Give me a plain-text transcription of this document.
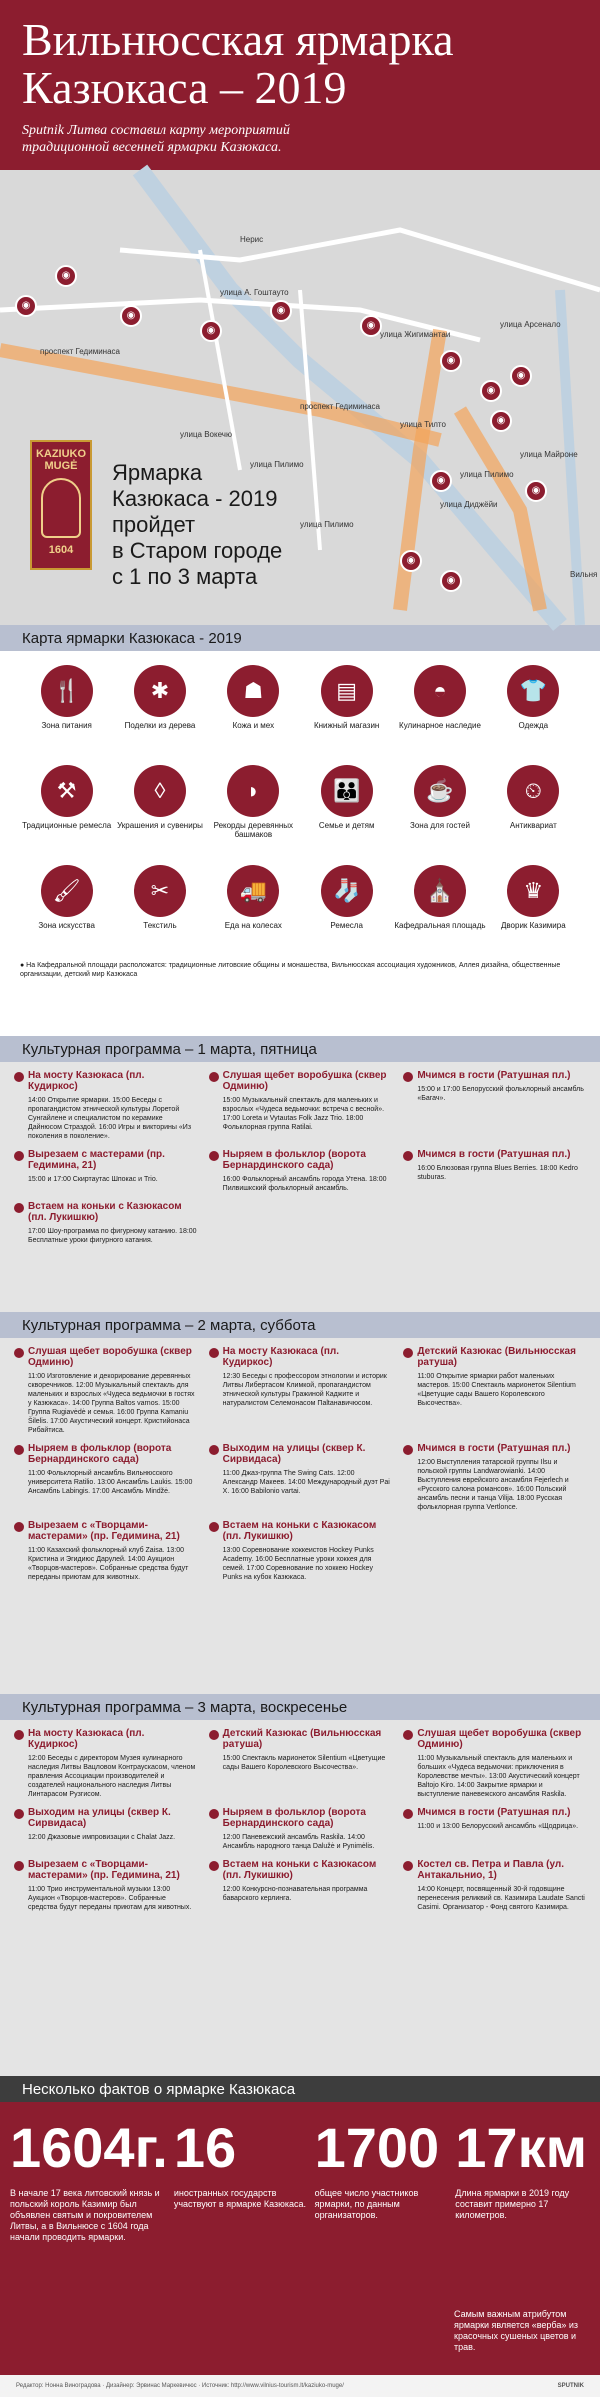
Вильнюсская ярмарка
Казюкаса – 2019
Sputnik Литва составил карту мероприятий
традиционной весенней ярмарки Казюкаса.
проспект Гедиминаса
проспект Гедиминаса
улица А. Гоштауто
улица Жигимантаи
улица Тилто
улица Пилимо
улица Вокечю
улица Диджёйи
улица Пилимо
улица Пилимо
улица Майроне
Вильня
Нерис
улица Арсенало
◉
◉
◉
◉
◉
◉
◉
◉
◉
◉
◉
◉
◉
◉
KAZIUKO
MUGĖ
1604
Ярмарка
Казюкаса - 2019
пройдет
в Старом городе
с 1 по 3 марта
Карта ярмарки Казюкаса - 2019
🍴
Зона питания
✱
Поделки из дерева
☗
Кожа и мех
▤
Книжный магазин
◓
Кулинарное наследие
👕
Одежда
⚒
Традиционные ремесла
◊
Украшения и сувениры
◗
Рекорды деревянных башмаков
👪
Семье и детям
☕
Зона для гостей
⏲
Антиквариат
🖌
Зона искусства
✂
Текстиль
🚚
Еда на колесах
🧦
Ремесла
⛪
Кафедральная площадь
♛
Дворик Казимира
● На Кафедральной площади расположатся: традиционные литовские общины и монашества, Вильнюсская ассоциация художников, Аллея дизайна, общественные организации, детский мир Казюкаса
Культурная программа – 1 марта, пятница
На мосту Казюкаса (пл. Кудиркос)
14:00 Открытие ярмарки. 15:00 Беседы с пропагандистом этнической культуры Лоретой Сунгайлене и специалистом по керамике Дайнюсом Страздой. 16:00 Игры и викторины «Из поколения в поколение».
Слушая щебет воробушка (сквер Одминю)
15:00 Музыкальный спектакль для маленьких и взрослых «Чудеса ведьмочки: встреча с весной». 17:00 Loreta и Vytautas Folk Jazz Trio. 18:00 Фольклорная группа Ratilai.
Мчимся в гости (Ратушная пл.)
15:00 и 17:00 Белорусский фольклорный ансамбль «Багач».
Вырезаем с мастерами (пр. Гедимина, 21)
15:00 и 17:00 Скиртаутас Шпокас и Trio.
Ныряем в фольклор (ворота Бернардинского сада)
16:00 Фольклорный ансамбль города Утена. 18:00 Пилвишкский фольклорный ансамбль.
Мчимся в гости (Ратушная пл.)
16:00 Блюзовая группа Blues Berries. 18:00 Kedro stuburas.
Встаем на коньки с Казюкасом (пл. Лукишкю)
17:00 Шоу-программа по фигурному катанию. 18:00 Бесплатные уроки фигурного катания.
Культурная программа – 2 марта, суббота
Слушая щебет воробушка (сквер Одминю)
11:00 Изготовление и декорирование деревянных скворечников. 12:00 Музыкальный спектакль для маленьких и взрослых «Чудеса ведьмочки в гостях у Казюкаса». 14:00 Группа Baltos varnos. 15:00 Группа Rugiavėdė и семья. 16:00 Группа Kamaniu Šilelis. 17:00 Акустический концерт. Кристийонаса Рибайтиса.
На мосту Казюкаса (пл. Кудиркос)
12:30 Беседы с профессором этнологии и историк Литвы Либертасом Климкой, пропагандистом этнической культуры Гражиной Каджите и натуралистом Селемонасом Паltанавичюсом.
Детский Казюкас (Вильнюсская ратуша)
11:00 Открытие ярмарки работ маленьких мастеров. 15:00 Спектакль марионеток Silentium «Цветущие сады Вашего Королевского Высочества».
Ныряем в фольклор (ворота Бернардинского сада)
11:00 Фольклорный ансамбль Вильнюсского университета Ratilio. 13:00 Ансамбль Laukis. 15:00 Ансамбль Labingis. 17:00 Ансамбль Mindžė.
Выходим на улицы (сквер К. Сирвидаса)
11:00 Джаз-группа The Swing Cats. 12:00 Александр Макеев. 14:00 Международный дуэт Pai X. 16:00 Babilonio vartai.
Мчимся в гости (Ратушная пл.)
12:00 Выступления татарской группы Ilsu и польской группы Landwarowianki. 14:00 Выступления еврейского ансамбля Fejerlech и «Русского салона романсов». 16:00 Польский ансамбль песни и танца Vilija. 18:00 Русская фольклорная группа Vertlonce.
Вырезаем с «Творцами-мастерами» (пр. Гедимина, 21)
11:00 Казахский фольклорный клуб Zaisa. 13:00 Кристина и Эгидиюс Дарулей. 14:00 Аукцион «Творцов-мастеров». Собранные средства будут переданы приютам для животных.
Встаем на коньки с Казюкасом (пл. Лукишкю)
13:00 Соревнование хоккеистов Hockey Punks Academy. 16:00 Бесплатные уроки хоккея для семей. 17:00 Соревнование по хоккею Hockey Punks на кубок Казюкаса.
Культурная программа – 3 марта, воскресенье
На мосту Казюкаса (пл. Кудиркос)
12:00 Беседы с директором Музея кулинарного наследия Литвы Вацловом Контраускасом, членом правления Ассоциации производителей и создателей национального наследия Литвы Линтарасом Рузгисом.
Детский Казюкас (Вильнюсская ратуша)
15:00 Спектакль марионеток Silentium «Цветущие сады Вашего Королевского Высочества».
Слушая щебет воробушка (сквер Одминю)
11:00 Музыкальный спектакль для маленьких и больших «Чудеса ведьмочки: приключения в Королевстве мечты». 13:00 Акустический концерт Baltojo Kiro. 14:00 Закрытие ярмарки и выступление паневежского ансамбля Raskila.
Выходим на улицы (сквер К. Сирвидаса)
12:00 Джазовые импровизации с Chalat Jazz.
Ныряем в фольклор (ворота Бернардинского сада)
12:00 Паневежский ансамбль Raskila. 14:00 Ансамбль народного танца Dalužė и Pynimėlis.
Мчимся в гости (Ратушная пл.)
11:00 и 13:00 Белорусский ансамбль «Щодрица».
Вырезаем с «Творцами-мастерами» (пр. Гедимина, 21)
11:00 Трио инструментальной музыки 13:00 Аукцион «Творцов-мастеров». Собранные средства будут переданы приютам для животных.
Встаем на коньки с Казюкасом (пл. Лукишкю)
12:00 Конкурсно-познавательная программа баварского керлинга.
Костел св. Петра и Павла (ул. Антакальнио, 1)
14:00 Концерт, посвященный 30-й годовщине перенесения реликвий св. Казимира Laudate Sancti Casimi. Организатор - Фонд святого Казимира.
Несколько фактов о ярмарке Казюкаса
1604г.
В начале 17 века литовский князь и польский король Казимир был объявлен святым и покровителем Литвы, а в Вильнюсе с 1604 года начали проводить ярмарки.
16
иностранных государств участвуют в ярмарке Казюкаса.
1700
общее число участников ярмарки, по данным организаторов.
17км
Длина ярмарки в 2019 году составит примерно 17 километров.
Самым важным атрибутом ярмарки является «верба» из красочных сушеных цветов и трав.
Редактор: Нонна Виноградова · Дизайнер: Эрвинас Маркевичюс · Источник: http://www.vilnius-tourism.lt/kaziuko-muge/	SPUTNIK
